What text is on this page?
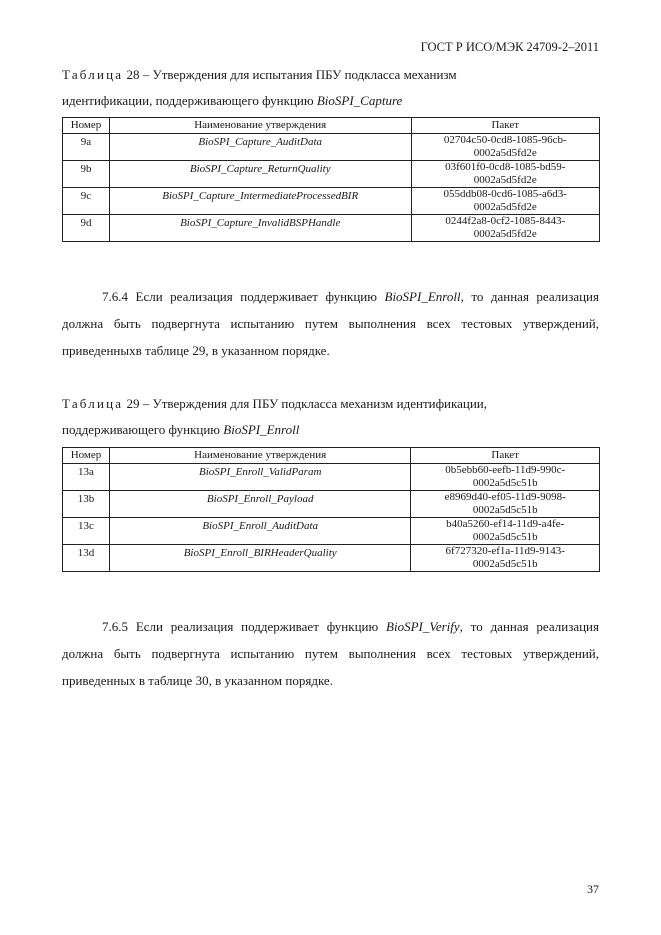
ГОСТ Р ИСО/МЭК 24709-2–2011
Таблица 28 – Утверждения для испытания ПБУ подкласса механизм
идентификации, поддерживающего функцию BioSPI_Capture
Номер	Наименование утверждения	Пакет
9a	BioSPI_Capture_AuditData	02704c50-0cd8-1085-96cb-
0002a5d5fd2e
9b	BioSPI_Capture_ReturnQuality	03f601f0-0cd8-1085-bd59-
0002a5d5fd2e
9c	BioSPI_Capture_IntermediateProcessedBIR	055ddb08-0cd6-1085-a6d3-
0002a5d5fd2e
9d	BioSPI_Capture_InvalidBSPHandle	0244f2a8-0cf2-1085-8443-
0002a5d5fd2e
7.6.4 Если реализация поддерживает функцию BioSPI_Enroll, то данная реализация должна быть подвергнута испытанию путем выполнения всех тестовых утверждений, приведенныхв таблице 29, в указанном порядке.
Таблица 29 – Утверждения для ПБУ подкласса механизм идентификации,
поддерживающего функцию BioSPI_Enroll
Номер	Наименование утверждения	Пакет
13a	BioSPI_Enroll_ValidParam	0b5ebb60-eefb-11d9-990c-
0002a5d5c51b
13b	BioSPI_Enroll_Payload	e8969d40-ef05-11d9-9098-
0002a5d5c51b
13c	BioSPI_Enroll_AuditData	b40a5260-ef14-11d9-a4fe-
0002a5d5c51b
13d	BioSPI_Enroll_BIRHeaderQuality	6f727320-ef1a-11d9-9143-
0002a5d5c51b
7.6.5 Если реализация поддерживает функцию BioSPI_Verify, то данная реализация должна быть подвергнута испытанию путем выполнения всех тестовых утверждений, приведенных в таблице 30, в указанном порядке.
37
